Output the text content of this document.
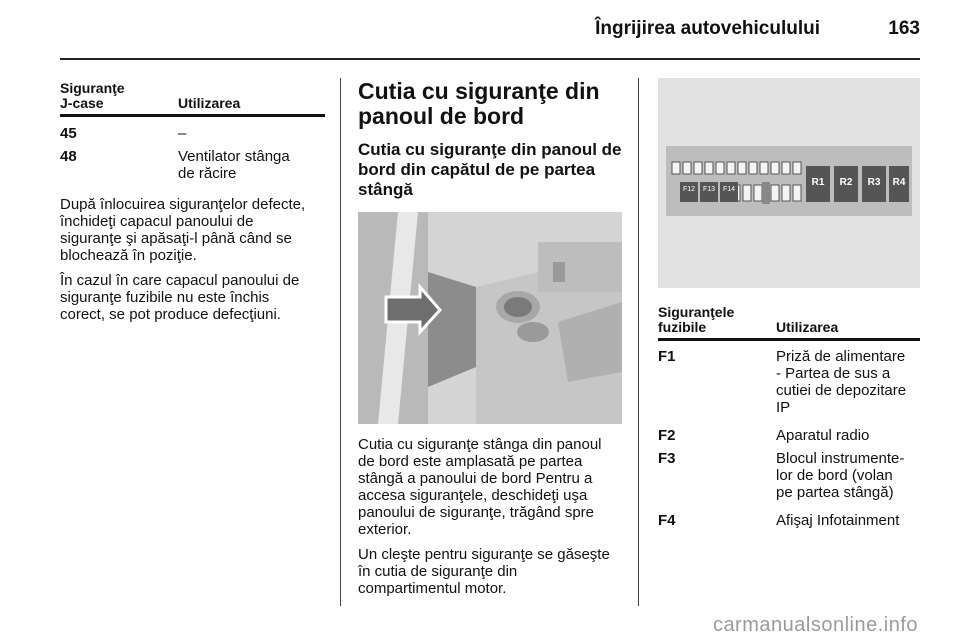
Îngrijirea autovehiculului	163
Siguranţe
J-case	Utilizarea
45	–
48	Ventilator stânga
de răcire
După înlocuirea siguranţelor defecte,
închideţi capacul panoului de
siguranţe şi apăsaţi-l până când se
blochează în poziţie.
În cazul în care capacul panoului de
siguranţe fuzibile nu este închis
corect, se pot produce defecţiuni.
Cutia cu siguranţe din
panoul de bord
Cutia cu siguranţe din panoul de
bord din capătul de pe partea
stângă
Cutia cu siguranţe stânga din panoul
de bord este amplasată pe partea
stângă a panoului de bord Pentru a
accesa siguranţele, deschideţi uşa
panoului de siguranţe, trăgând spre
exterior.
Un cleşte pentru siguranţe se găseşte
în cutia de siguranţe din
compartimentul motor.
F12	F13	F14
R1	R2	R3	R4
Siguranţele
fuzibile	Utilizarea
F1	Priză de alimentare
- Partea de sus a
cutiei de depozitare
IP
F2	Aparatul radio
F3	Blocul instrumente-
lor de bord (volan
pe partea stângă)
F4	Afişaj Infotainment
carmanualsonline.info
